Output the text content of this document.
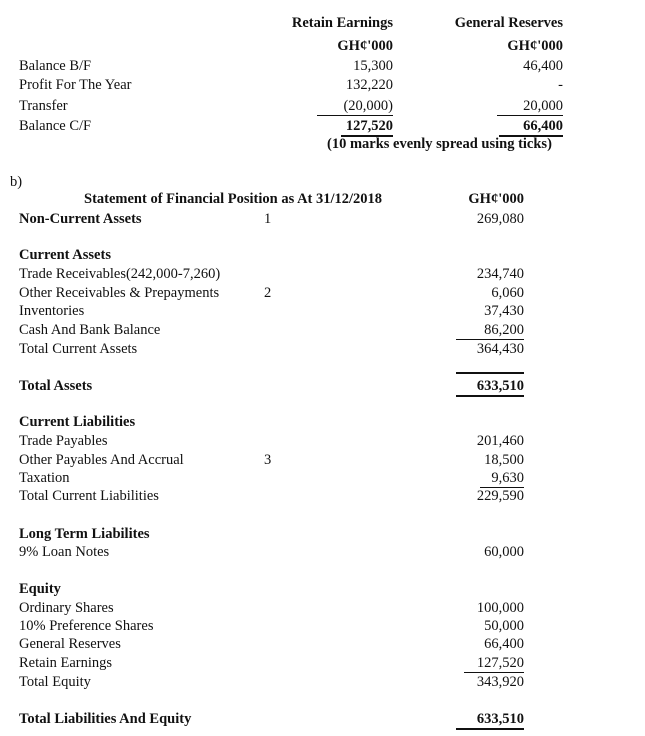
Retain Earnings	General Reserves
GH¢'000	GH¢'000
Balance B/F	15,300	46,400
Profit For The Year	132,220	-
Transfer	(20,000)	20,000
Balance C/F	127,520	66,400
(10 marks evenly spread using ticks)
b)
Statement of Financial Position as At 31/12/2018	GH¢'000
Non-Current Assets	1	269,080
Current Assets
Trade Receivables(242,000-7,260)	234,740
Other Receivables & Prepayments	2	6,060
Inventories	37,430
Cash And Bank Balance	86,200
Total Current Assets	364,430
Total Assets	633,510
Current Liabilities
Trade Payables	201,460
Other Payables And Accrual	3	18,500
Taxation	9,630
Total Current Liabilities	229,590
Long Term Liabilites
9% Loan Notes	60,000
Equity
Ordinary Shares	100,000
10% Preference Shares	50,000
General Reserves	66,400
Retain Earnings	127,520
Total Equity	343,920
Total Liabilities And Equity	633,510
